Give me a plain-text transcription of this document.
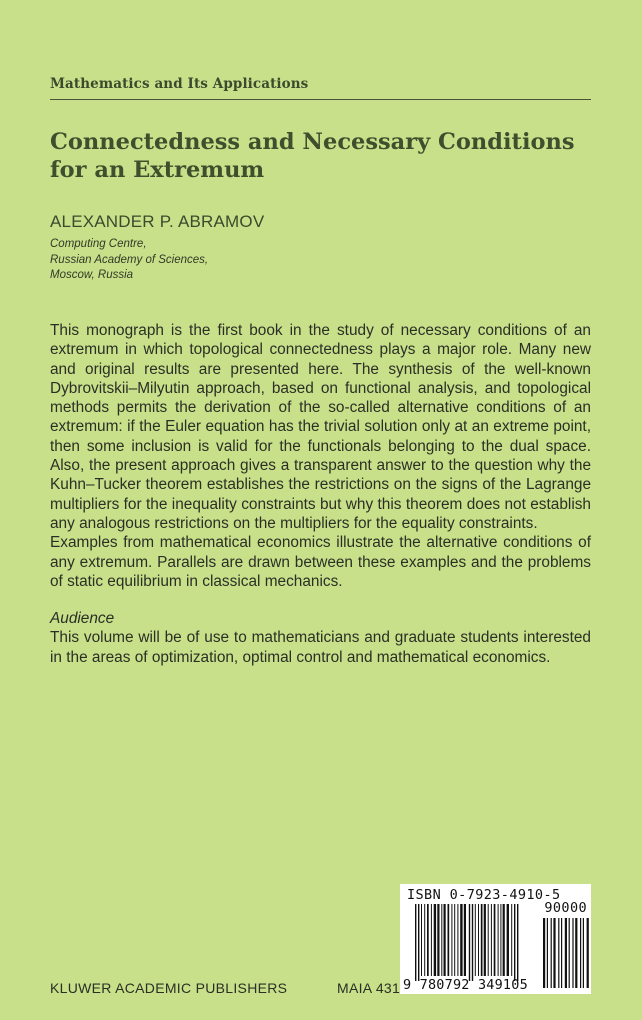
Mathematics and Its Applications
Connectedness and Necessary Conditions for an Extremum
ALEXANDER P. ABRAMOV
Computing Centre,
Russian Academy of Sciences,
Moscow, Russia

This monograph is the first book in the study of necessary conditions of an extremum in which topological connectedness plays a major role. Many new and original results are presented here. The synthesis of the well-known Dybrovitskii–Milyutin approach, based on functional analysis, and topological methods permits the derivation of the so-called alternative conditions of an extremum: if the Euler equation has the trivial solution only at an extreme point, then some inclusion is valid for the functionals belonging to the dual space. Also, the present approach gives a transparent answer to the question why the Kuhn–Tucker theorem establishes the restrictions on the signs of the Lagrange multipliers for the inequality constraints but why this theorem does not establish any analogous restrictions on the multipliers for the equality constraints.

Examples from mathematical economics illustrate the alternative conditions of any extremum. Parallels are drawn between these examples and the problems of static equilibrium in classical mechanics.

Audience

This volume will be of use to mathematicians and graduate students interested in the areas of optimization, optimal control and mathematical economics.

KLUWER ACADEMIC PUBLISHERS	MAIA 431
ISBN 0-7923-4910-5
90000
9 780792 349105
